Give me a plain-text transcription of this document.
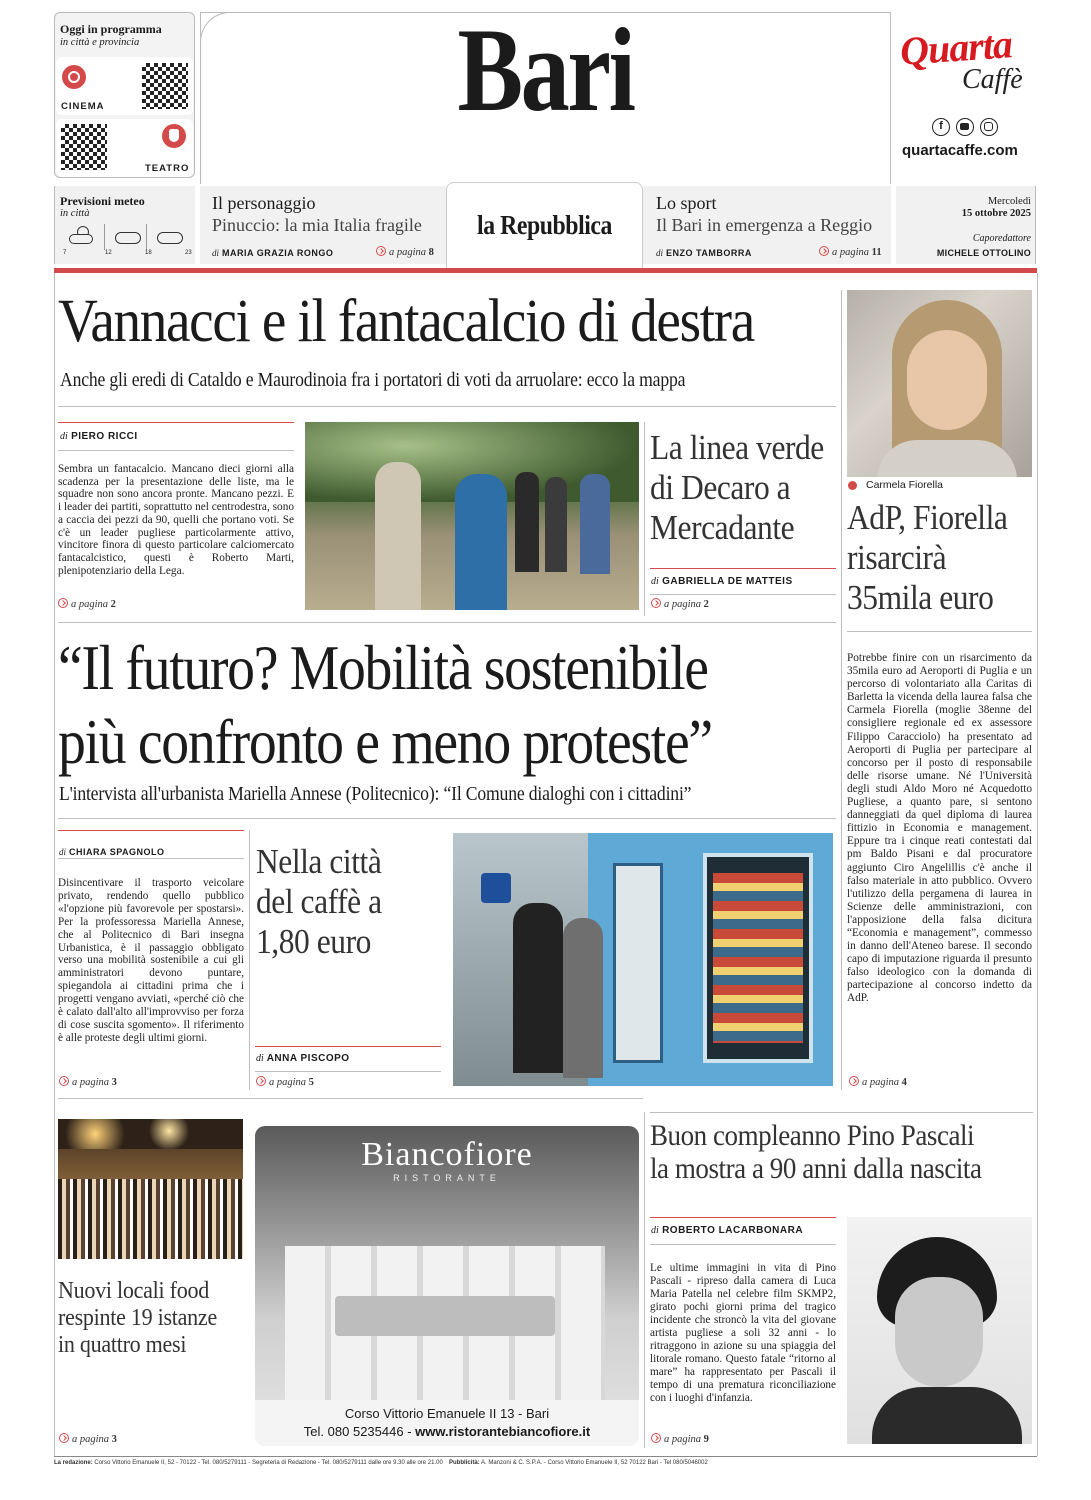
Oggi in programma
in città e provincia
CINEMA
TEATRO
Bari	Quarta
Caffè
f
quartacaffe.com
Previsioni meteo
in città
7	12	18	23
Il personaggio
Pinuccio: la mia Italia fragile
di MARIA GRAZIA RONGO	a pagina 8
la Repubblica
Lo sport
Il Bari in emergenza a Reggio
di ENZO TAMBORRA	a pagina 11
Mercoledì
15 ottobre 2025
Caporedattore
MICHELE OTTOLINO
Vannacci e il fantacalcio di destra
Anche gli eredi di Cataldo e Maurodinoia fra i portatori di voti da arruolare: ecco la mappa
di PIERO RICCI
Sembra un fantacalcio. Mancano dieci giorni alla scadenza per la presentazione delle liste, ma le squadre non sono ancora pronte. Mancano pezzi. E i leader dei partiti, soprattutto nel centrodestra, sono a caccia dei pezzi da 90, quelli che portano voti. Se c'è un leader pugliese particolarmente attivo, vincitore finora di questo particolare calciomercato fantacalcistico, questi è Roberto Marti, plenipotenziario della Lega.
a pagina 2
La linea verde di Decaro a Mercadante
di GABRIELLA DE MATTEIS
a pagina 2
Carmela Fiorella
AdP, Fiorella risarcirà 35mila euro
Potrebbe finire con un risarcimento da 35mila euro ad Aeroporti di Puglia e un percorso di volontariato alla Caritas di Barletta la vicenda della laurea falsa che Carmela Fiorella (moglie 38enne del consigliere regionale ed ex assessore Filippo Caracciolo) ha presentato ad Aeroporti di Puglia per partecipare al concorso per il posto di responsabile delle risorse umane. Né l'Università degli studi Aldo Moro né Acquedotto Pugliese, a quanto pare, si sentono danneggiati da quel diploma di laurea fittizio in Economia e management. Eppure tra i cinque reati contestati dal pm Baldo Pisani e dal procuratore aggiunto Ciro Angelillis c'è anche il falso materiale in atto pubblico. Ovvero l'utilizzo della pergamena di laurea in Scienze delle amministrazioni, con l'apposizione della falsa dicitura “Economia e management”, commesso in danno dell'Ateneo barese. Il secondo capo di imputazione riguarda il presunto falso ideologico con la domanda di partecipazione al concorso indetto da AdP.
a pagina 4
“Il futuro? Mobilità sostenibile
più confronto e meno proteste”
L'intervista all'urbanista Mariella Annese (Politecnico): “Il Comune dialoghi con i cittadini”
di CHIARA SPAGNOLO
Disincentivare il trasporto veicolare privato, rendendo quello pubblico «l'opzione più favorevole per spostarsi». Per la professoressa Mariella Annese, che al Politecnico di Bari insegna Urbanistica, è il passaggio obbligato verso una mobilità sostenibile a cui gli amministratori devono puntare, spiegandola ai cittadini prima che i progetti vengano avviati, «perché ciò che è calato dall'alto all'improvviso per forza di cose suscita sgomento». Il riferimento è alle proteste degli ultimi giorni.
a pagina 3
Nella città del caffè a 1,80 euro
di ANNA PISCOPO
a pagina 5
Nuovi locali food respinte 19 istanze in quattro mesi
a pagina 3
Biancofiore
RISTORANTE
Corso Vittorio Emanuele II 13 - Bari
Tel. 080 5235446 - www.ristorantebiancofiore.it
Buon compleanno Pino Pascali
la mostra a 90 anni dalla nascita
di ROBERTO LACARBONARA
Le ultime immagini in vita di Pino Pascali - ripreso dalla camera di Luca Maria Patella nel celebre film SKMP2, girato pochi giorni prima del tragico incidente che stroncò la vita del giovane artista pugliese a soli 32 anni - lo ritraggono in azione su una spiaggia del litorale romano. Questo fatale “ritorno al mare” ha rappresentato per Pascali il tempo di una prematura riconciliazione con i luoghi d'infanzia.
a pagina 9
La redazione: Corso Vittorio Emanuele II, 52 - 70122 - Tel. 080/5279111 - Segreteria di Redazione - Tel. 080/5279111 dalle ore 9.30 alle ore 21.00 Pubblicità: A. Manzoni & C. S.P.A. - Corso Vittorio Emanuele II, 52 70122 Bari - Tel 080/5046002
